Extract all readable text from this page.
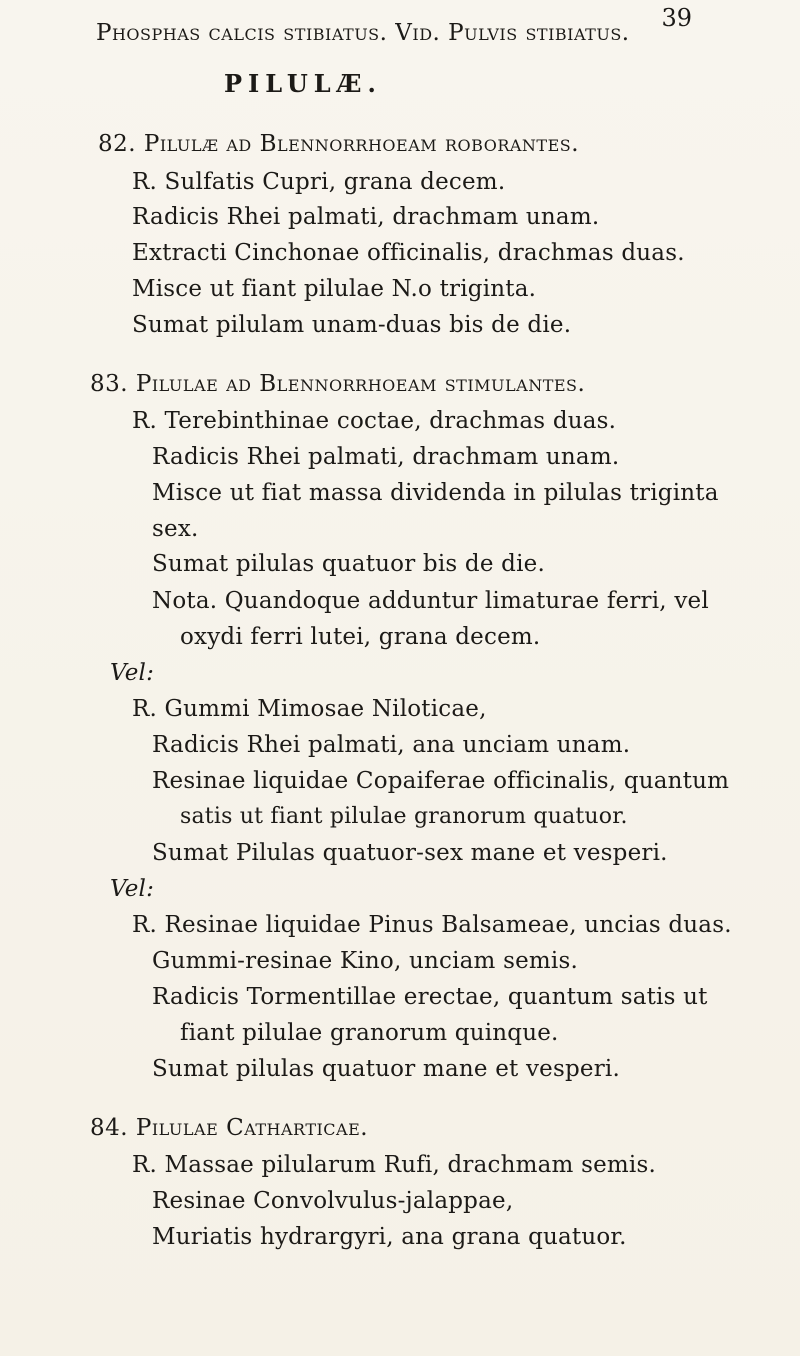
39
Phosphas calcis stibiatus. Vid. Pulvis stibiatus.
PILULÆ.
82. Pilulæ ad Blennorrhoeam roborantes.
R. Sulfatis Cupri, grana decem.
Radicis Rhei palmati, drachmam unam.
Extracti Cinchonae officinalis, drachmas duas.
Misce ut fiant pilulae N.o triginta.
Sumat pilulam unam-duas bis de die.
83. Pilulae ad Blennorrhoeam stimulantes.
R. Terebinthinae coctae, drachmas duas.
Radicis Rhei palmati, drachmam unam.
Misce ut fiat massa dividenda in pilulas triginta
sex.
Sumat pilulas quatuor bis de die.
Nota. Quandoque adduntur limaturae ferri, vel
oxydi ferri lutei, grana decem.
Vel:
R. Gummi Mimosae Niloticae,
Radicis Rhei palmati, ana unciam unam.
Resinae liquidae Copaiferae officinalis, quantum
satis ut fiant pilulae granorum quatuor.
Sumat Pilulas quatuor-sex mane et vesperi.
Vel:
R. Resinae liquidae Pinus Balsameae, uncias duas.
Gummi-resinae Kino, unciam semis.
Radicis Tormentillae erectae, quantum satis ut
fiant pilulae granorum quinque.
Sumat pilulas quatuor mane et vesperi.
84. Pilulae Catharticae.
R. Massae pilularum Rufi, drachmam semis.
Resinae Convolvulus-jalappae,
Muriatis hydrargyri, ana grana quatuor.
